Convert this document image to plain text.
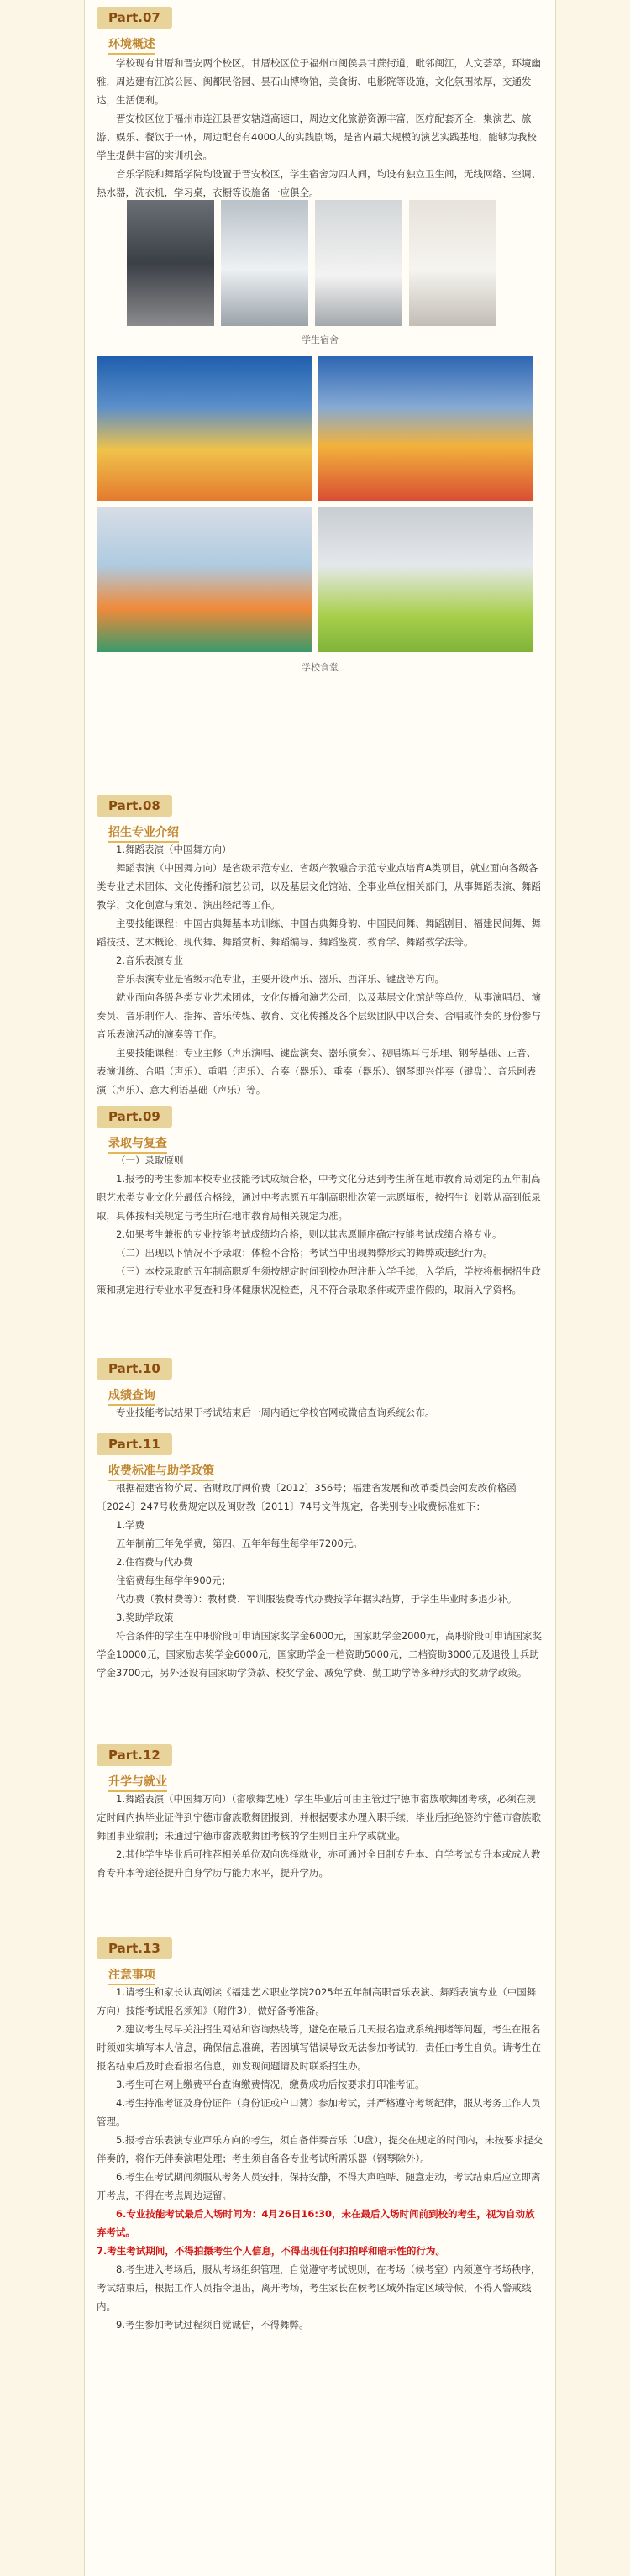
Part.07
环境概述

学校现有甘厝和晋安两个校区。甘厝校区位于福州市闽侯县甘蔗街道，毗邻闽江，人文荟萃，环境幽雅，周边建有江滨公园、闽都民俗园、昙石山博物馆，美食街、电影院等设施，文化氛围浓厚，交通发达，生活便利。

晋安校区位于福州市连江县晋安辖道高速口，周边文化旅游资源丰富，医疗配套齐全，集演艺、旅游、娱乐、餐饮于一体，周边配套有4000人的实践剧场，是省内最大规模的演艺实践基地，能够为我校学生提供丰富的实训机会。

音乐学院和舞蹈学院均设置于晋安校区，学生宿舍为四人间，均设有独立卫生间，无线网络、空调、热水器，洗衣机，学习桌，衣橱等设施备一应俱全。

学生宿舍
学校食堂
Part.08
招生专业介绍

1.舞蹈表演（中国舞方向）

舞蹈表演（中国舞方向）是省级示范专业、省级产教融合示范专业点培育A类项目，就业面向各级各类专业艺术团体、文化传播和演艺公司，以及基层文化馆站、企事业单位相关部门，从事舞蹈表演、舞蹈教学、文化创意与策划、演出经纪等工作。

主要技能课程：中国古典舞基本功训练、中国古典舞身韵、中国民间舞、舞蹈剧目、福建民间舞、舞蹈技技、艺术概论、现代舞、舞蹈赏析、舞蹈编导、舞蹈鉴赏、教育学、舞蹈教学法等。

2.音乐表演专业

音乐表演专业是省级示范专业，主要开设声乐、器乐、西洋乐、键盘等方向。

就业面向各级各类专业艺术团体，文化传播和演艺公司，以及基层文化馆站等单位，从事演唱员、演奏员、音乐制作人、指挥、音乐传媒、教育、文化传播及各个层级团队中以合奏、合唱或伴奏的身份参与音乐表演活动的演奏等工作。

主要技能课程：专业主修（声乐演唱、键盘演奏、器乐演奏）、视唱练耳与乐理、钢琴基础、正音、表演训练、合唱（声乐）、重唱（声乐）、合奏（器乐）、重奏（器乐）、钢琴即兴伴奏（键盘）、音乐剧表演（声乐）、意大利语基础（声乐）等。

Part.09
录取与复查

（一）录取原则

1.报考的考生参加本校专业技能考试成绩合格，中考文化分达到考生所在地市教育局划定的五年制高职艺术类专业文化分最低合格线，通过中考志愿五年制高职批次第一志愿填报，按招生计划数从高到低录取，具体按相关规定与考生所在地市教育局相关规定为准。

2.如果考生兼报的专业技能考试成绩均合格，则以其志愿顺序确定技能考试成绩合格专业。

（二）出现以下情况不予录取：体检不合格；考试当中出现舞弊形式的舞弊或违纪行为。

（三）本校录取的五年制高职新生须按规定时间到校办理注册入学手续，入学后，学校将根据招生政策和规定进行专业水平复查和身体健康状况检查，凡不符合录取条件或弄虚作假的，取消入学资格。

Part.10
成绩查询

专业技能考试结果于考试结束后一周内通过学校官网或微信查询系统公布。

Part.11
收费标准与助学政策

根据福建省物价局、省财政厅闽价费〔2012〕356号；福建省发展和改革委员会闽发改价格函〔2024〕247号收费规定以及闽财教〔2011〕74号文件规定，各类别专业收费标准如下：

1.学费

五年制前三年免学费，第四、五年年每生每学年7200元。

2.住宿费与代办费

住宿费每生每学年900元；

代办费（教材费等）：教材费、军训服装费等代办费按学年据实结算，于学生毕业时多退少补。

3.奖助学政策

符合条件的学生在中职阶段可申请国家奖学金6000元，国家助学金2000元，高职阶段可申请国家奖学金10000元，国家励志奖学金6000元，国家助学金一档资助5000元，二档资助3000元及退役士兵助学金3700元，另外还设有国家助学贷款、校奖学金、减免学费、勤工助学等多种形式的奖助学政策。

Part.12
升学与就业

1.舞蹈表演（中国舞方向）（畲歌舞艺班）学生毕业后可由主管过宁德市畲族歌舞团考核，必须在规定时间内执毕业证件到宁德市畲族歌舞团报到，并根据要求办理入职手续，毕业后拒绝签约宁德市畲族歌舞团事业编制；未通过宁德市畲族歌舞团考核的学生则自主升学或就业。

2.其他学生毕业后可推荐相关单位双向选择就业，亦可通过全日制专升本、自学考试专升本或成人教育专升本等途径提升自身学历与能力水平，提升学历。

Part.13
注意事项

1.请考生和家长认真阅读《福建艺术职业学院2025年五年制高职音乐表演、舞蹈表演专业（中国舞方向）技能考试报名须知》（附件3），做好备考准备。

2.建议考生尽早关注招生网站和咨询热线等，避免在最后几天报名造成系统拥堵等问题，考生在报名时须如实填写本人信息，确保信息准确，若因填写错误导致无法参加考试的，责任由考生自负。请考生在报名结束后及时查看报名信息，如发现问题请及时联系招生办。

3.考生可在网上缴费平台查询缴费情况，缴费成功后按要求打印准考证。

4.考生持准考证及身份证件（身份证或户口簿）参加考试，并严格遵守考场纪律，服从考务工作人员管理。

5.报考音乐表演专业声乐方向的考生，须自备伴奏音乐（U盘），提交在规定的时间内，未按要求提交伴奏的，将作无伴奏演唱处理；考生须自备各专业考试所需乐器（钢琴除外）。

6.考生在考试期间须服从考务人员安排，保持安静，不得大声喧哗、随意走动，考试结束后应立即离开考点，不得在考点周边逗留。

6.专业技能考试最后入场时间为：4月26日16:30，未在最后入场时间前到校的考生，视为自动放弃考试。

7.考生考试期间，不得拍摄考生个人信息，不得出现任何扣拍呼和暗示性的行为。

8.考生进入考场后，服从考场组织管理，自觉遵守考试规则，在考场（候考室）内须遵守考场秩序，考试结束后，根据工作人员指令退出，离开考场，考生家长在候考区域外指定区域等候，不得入警戒线内。

9.考生参加考试过程须自觉诚信，不得舞弊。
